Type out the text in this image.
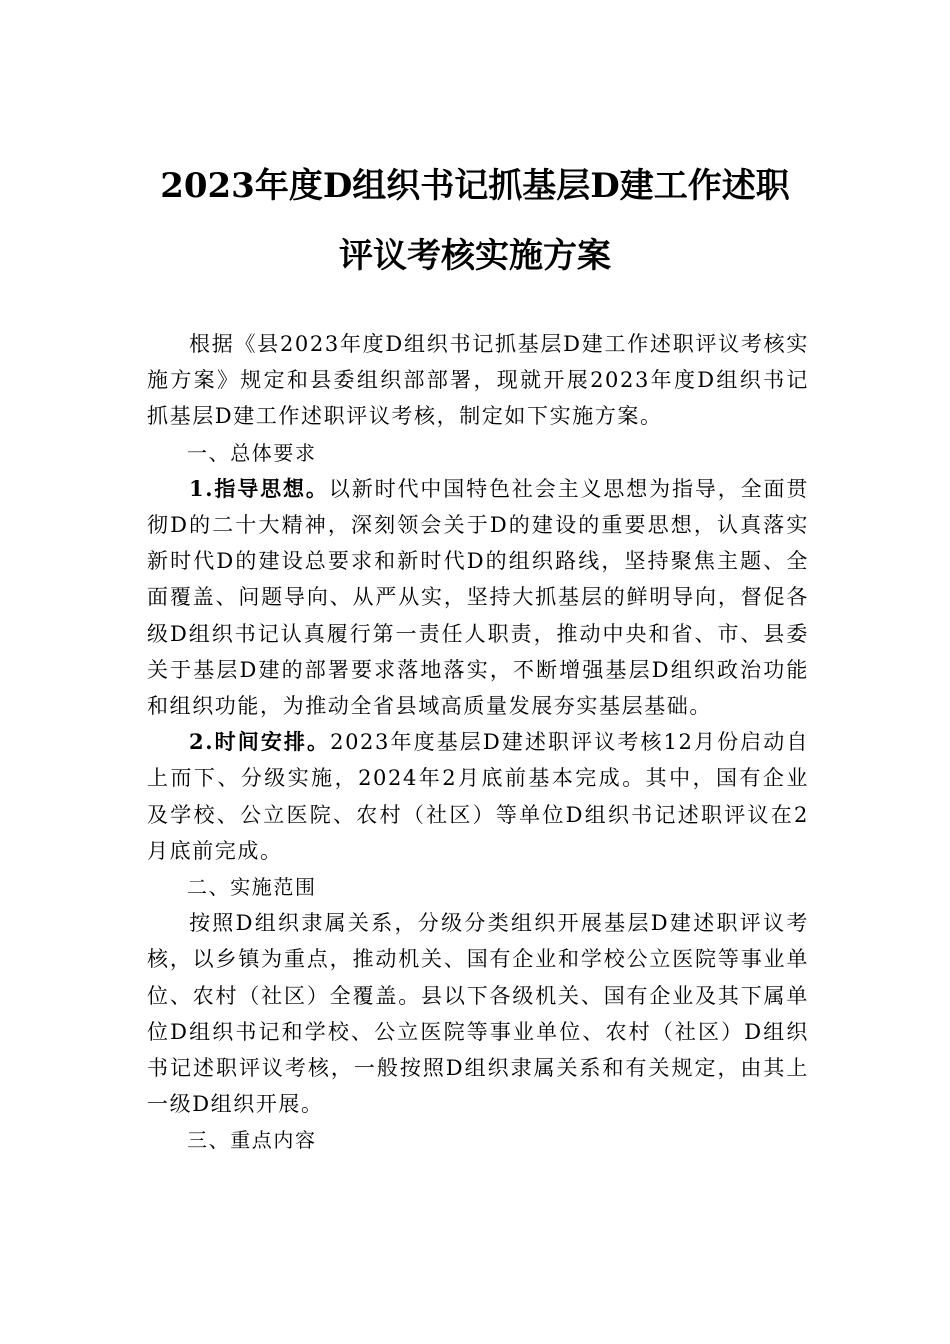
2023年度D组织书记抓基层D建工作述职
评议考核实施方案

根据《县2023年度D组织书记抓基层D建工作述职评议考核实施方案》规定和县委组织部部署，现就开展2023年度D组织书记抓基层D建工作述职评议考核，制定如下实施方案。

一、总体要求

1.指导思想。以新时代中国特色社会主义思想为指导，全面贯彻D的二十大精神，深刻领会关于D的建设的重要思想，认真落实新时代D的建设总要求和新时代D的组织路线，坚持聚焦主题、全面覆盖、问题导向、从严从实，坚持大抓基层的鲜明导向，督促各级D组织书记认真履行第一责任人职责，推动中央和省、市、县委关于基层D建的部署要求落地落实，不断增强基层D组织政治功能和组织功能，为推动全省县域高质量发展夯实基层基础。

2.时间安排。2023年度基层D建述职评议考核12月份启动自上而下、分级实施，2024年2月底前基本完成。其中，国有企业及学校、公立医院、农村（社区）等单位D组织书记述职评议在2月底前完成。

二、实施范围

按照D组织隶属关系，分级分类组织开展基层D建述职评议考核，以乡镇为重点，推动机关、国有企业和学校公立医院等事业单位、农村（社区）全覆盖。县以下各级机关、国有企业及其下属单位D组织书记和学校、公立医院等事业单位、农村（社区）D组织书记述职评议考核，一般按照D组织隶属关系和有关规定，由其上一级D组织开展。

三、重点内容
